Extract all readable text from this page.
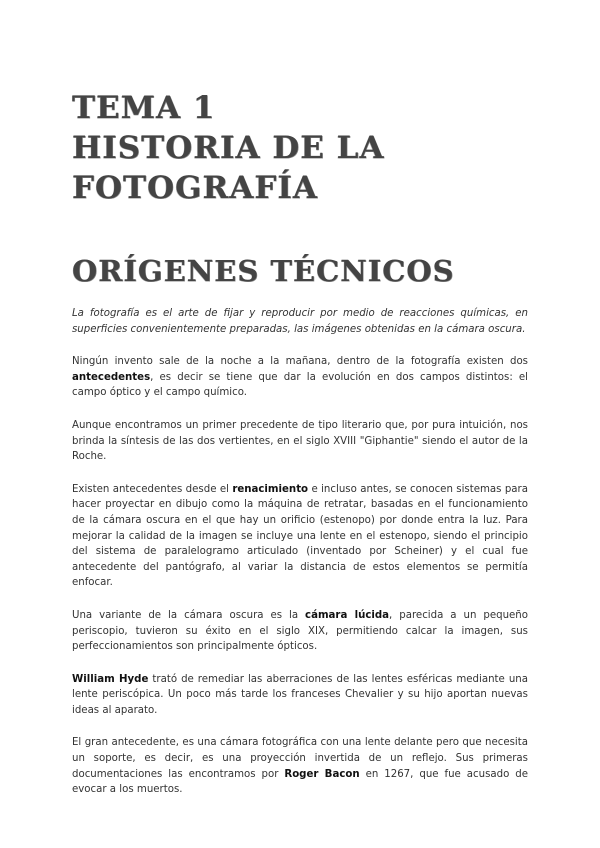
TEMA 1
HISTORIA DE LA
FOTOGRAFÍA
ORÍGENES TÉCNICOS

La fotografía es el arte de fijar y reproducir por medio de reacciones químicas, en superficies convenientemente preparadas, las imágenes obtenidas en la cámara oscura.

Ningún invento sale de la noche a la mañana, dentro de la fotografía existen dos antecedentes, es decir se tiene que dar la evolución en dos campos distintos: el campo óptico y el campo químico.

Aunque encontramos un primer precedente de tipo literario que, por pura intuición, nos brinda la síntesis de las dos vertientes, en el siglo XVIII "Giphantie" siendo el autor de la Roche.

Existen antecedentes desde el renacimiento e incluso antes, se conocen sistemas para hacer proyectar en dibujo como la máquina de retratar, basadas en el funcionamiento de la cámara oscura en el que hay un orificio (estenopo) por donde entra la luz. Para mejorar la calidad de la imagen se incluye una lente en el estenopo, siendo el principio del sistema de paralelogramo articulado (inventado por Scheiner) y el cual fue antecedente del pantógrafo, al variar la distancia de estos elementos se permitía enfocar.

Una variante de la cámara oscura es la cámara lúcida, parecida a un pequeño periscopio, tuvieron su éxito en el siglo XIX, permitiendo calcar la imagen, sus perfeccionamientos son principalmente ópticos.

William Hyde trató de remediar las aberraciones de las lentes esféricas mediante una lente periscópica. Un poco más tarde los franceses Chevalier y su hijo aportan nuevas ideas al aparato.

El gran antecedente, es una cámara fotográfica con una lente delante pero que necesita un soporte, es decir, es una proyección invertida de un reflejo. Sus primeras documentaciones las encontramos por Roger Bacon en 1267, que fue acusado de evocar a los muertos.
